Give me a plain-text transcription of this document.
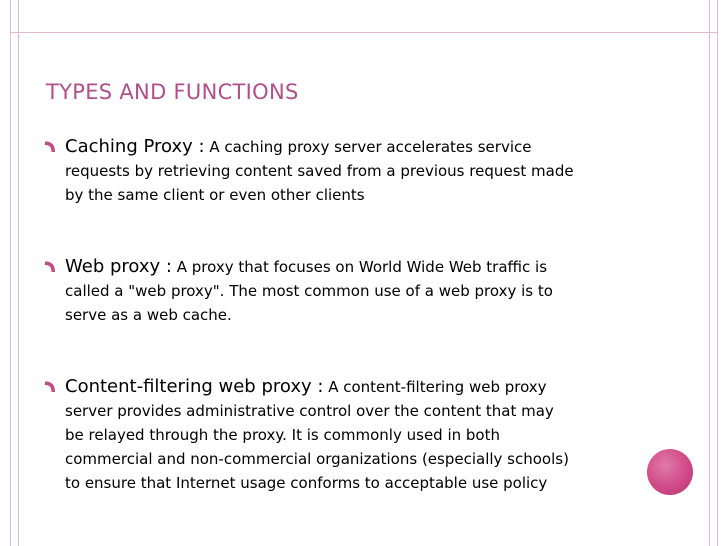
TYPES AND FUNCTIONS
Caching Proxy : A caching proxy server accelerates service
requests by retrieving content saved from a previous request made
by the same client or even other clients
Web proxy : A proxy that focuses on World Wide Web traffic is
called a "web proxy". The most common use of a web proxy is to
serve as a web cache.
Content-filtering web proxy : A content-filtering web proxy
server provides administrative control over the content that may
be relayed through the proxy. It is commonly used in both
commercial and non-commercial organizations (especially schools)
to ensure that Internet usage conforms to acceptable use policy
